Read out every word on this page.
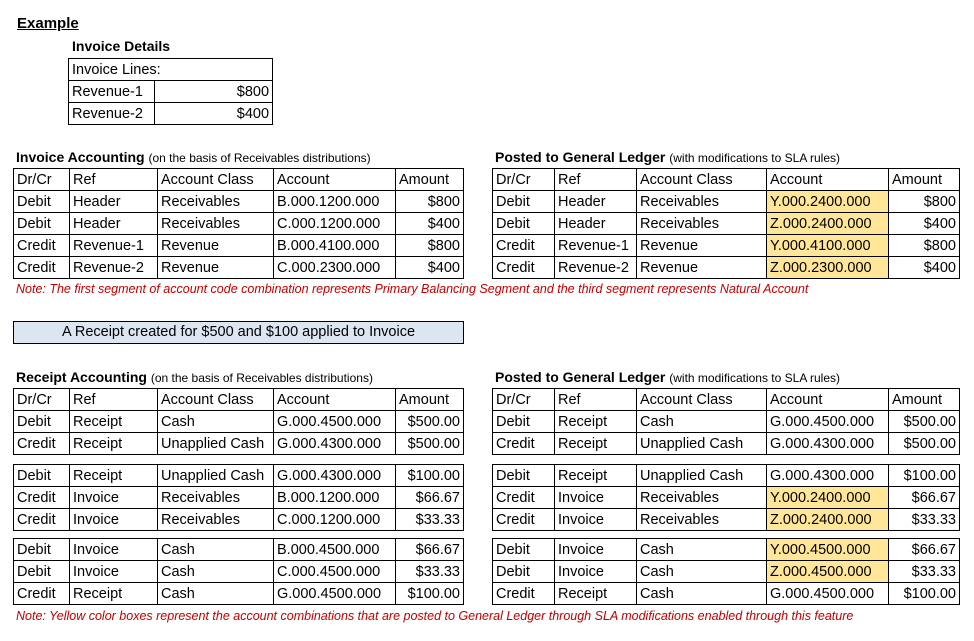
Example
Invoice Details
Invoice Lines:	
Revenue-1	$800
Revenue-2	$400
Invoice Accounting (on the basis of Receivables distributions)	Posted to General Ledger (with modifications to SLA rules)
Dr/Cr	Ref	Account Class	Account	Amount
Debit	Header	Receivables	B.000.1200.000	$800
Debit	Header	Receivables	C.000.1200.000	$400
Credit	Revenue-1	Revenue	B.000.4100.000	$800
Credit	Revenue-2	Revenue	C.000.2300.000	$400
Dr/Cr	Ref	Account Class	Account	Amount
Debit	Header	Receivables	Y.000.2400.000	$800
Debit	Header	Receivables	Z.000.2400.000	$400
Credit	Revenue-1	Revenue	Y.000.4100.000	$800
Credit	Revenue-2	Revenue	Z.000.2300.000	$400
Note: The first segment of account code combination represents Primary Balancing Segment and the third segment represents Natural Account
A Receipt created for $500 and $100 applied to Invoice
Receipt Accounting (on the basis of Receivables distributions)	Posted to General Ledger (with modifications to SLA rules)
Dr/Cr	Ref	Account Class	Account	Amount
Debit	Receipt	Cash	G.000.4500.000	$500.00
Credit	Receipt	Unapplied Cash	G.000.4300.000	$500.00
Dr/Cr	Ref	Account Class	Account	Amount
Debit	Receipt	Cash	G.000.4500.000	$500.00
Credit	Receipt	Unapplied Cash	G.000.4300.000	$500.00
Debit	Receipt	Unapplied Cash	G.000.4300.000	$100.00
Credit	Invoice	Receivables	B.000.1200.000	$66.67
Credit	Invoice	Receivables	C.000.1200.000	$33.33
Debit	Receipt	Unapplied Cash	G.000.4300.000	$100.00
Credit	Invoice	Receivables	Y.000.2400.000	$66.67
Credit	Invoice	Receivables	Z.000.2400.000	$33.33
Debit	Invoice	Cash	B.000.4500.000	$66.67
Debit	Invoice	Cash	C.000.4500.000	$33.33
Credit	Receipt	Cash	G.000.4500.000	$100.00
Debit	Invoice	Cash	Y.000.4500.000	$66.67
Debit	Invoice	Cash	Z.000.4500.000	$33.33
Credit	Receipt	Cash	G.000.4500.000	$100.00
Note: Yellow color boxes represent the account combinations that are posted to General Ledger through SLA modifications enabled through this feature
